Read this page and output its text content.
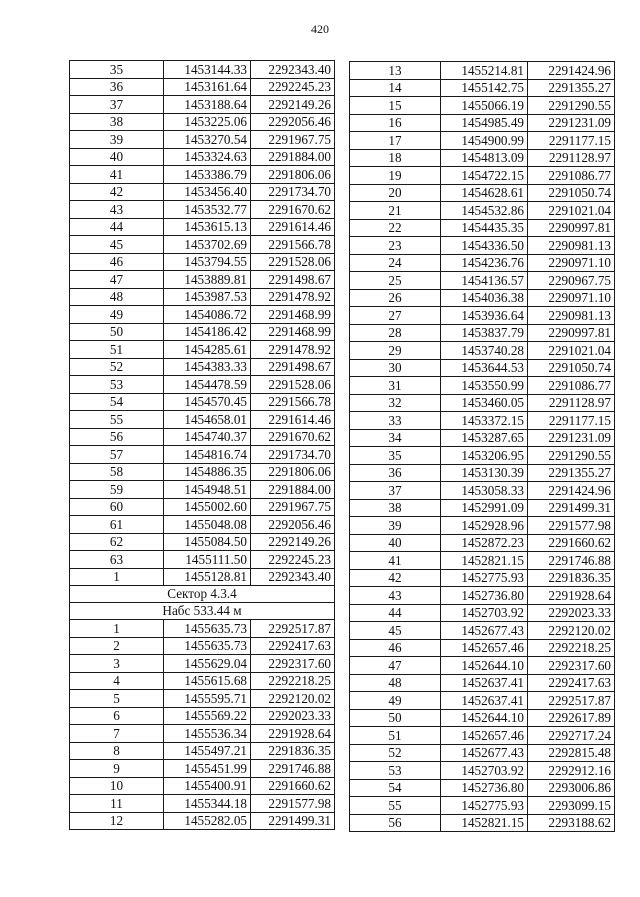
420
35	1453144.33	2292343.40
36	1453161.64	2292245.23
37	1453188.64	2292149.26
38	1453225.06	2292056.46
39	1453270.54	2291967.75
40	1453324.63	2291884.00
41	1453386.79	2291806.06
42	1453456.40	2291734.70
43	1453532.77	2291670.62
44	1453615.13	2291614.46
45	1453702.69	2291566.78
46	1453794.55	2291528.06
47	1453889.81	2291498.67
48	1453987.53	2291478.92
49	1454086.72	2291468.99
50	1454186.42	2291468.99
51	1454285.61	2291478.92
52	1454383.33	2291498.67
53	1454478.59	2291528.06
54	1454570.45	2291566.78
55	1454658.01	2291614.46
56	1454740.37	2291670.62
57	1454816.74	2291734.70
58	1454886.35	2291806.06
59	1454948.51	2291884.00
60	1455002.60	2291967.75
61	1455048.08	2292056.46
62	1455084.50	2292149.26
63	1455111.50	2292245.23
1	1455128.81	2292343.40
Сектор 4.3.4		
Набс 533.44 м		
1	1455635.73	2292517.87
2	1455635.73	2292417.63
3	1455629.04	2292317.60
4	1455615.68	2292218.25
5	1455595.71	2292120.02
6	1455569.22	2292023.33
7	1455536.34	2291928.64
8	1455497.21	2291836.35
9	1455451.99	2291746.88
10	1455400.91	2291660.62
11	1455344.18	2291577.98
12	1455282.05	2291499.31
13	1455214.81	2291424.96
14	1455142.75	2291355.27
15	1455066.19	2291290.55
16	1454985.49	2291231.09
17	1454900.99	2291177.15
18	1454813.09	2291128.97
19	1454722.15	2291086.77
20	1454628.61	2291050.74
21	1454532.86	2291021.04
22	1454435.35	2290997.81
23	1454336.50	2290981.13
24	1454236.76	2290971.10
25	1454136.57	2290967.75
26	1454036.38	2290971.10
27	1453936.64	2290981.13
28	1453837.79	2290997.81
29	1453740.28	2291021.04
30	1453644.53	2291050.74
31	1453550.99	2291086.77
32	1453460.05	2291128.97
33	1453372.15	2291177.15
34	1453287.65	2291231.09
35	1453206.95	2291290.55
36	1453130.39	2291355.27
37	1453058.33	2291424.96
38	1452991.09	2291499.31
39	1452928.96	2291577.98
40	1452872.23	2291660.62
41	1452821.15	2291746.88
42	1452775.93	2291836.35
43	1452736.80	2291928.64
44	1452703.92	2292023.33
45	1452677.43	2292120.02
46	1452657.46	2292218.25
47	1452644.10	2292317.60
48	1452637.41	2292417.63
49	1452637.41	2292517.87
50	1452644.10	2292617.89
51	1452657.46	2292717.24
52	1452677.43	2292815.48
53	1452703.92	2292912.16
54	1452736.80	2293006.86
55	1452775.93	2293099.15
56	1452821.15	2293188.62
